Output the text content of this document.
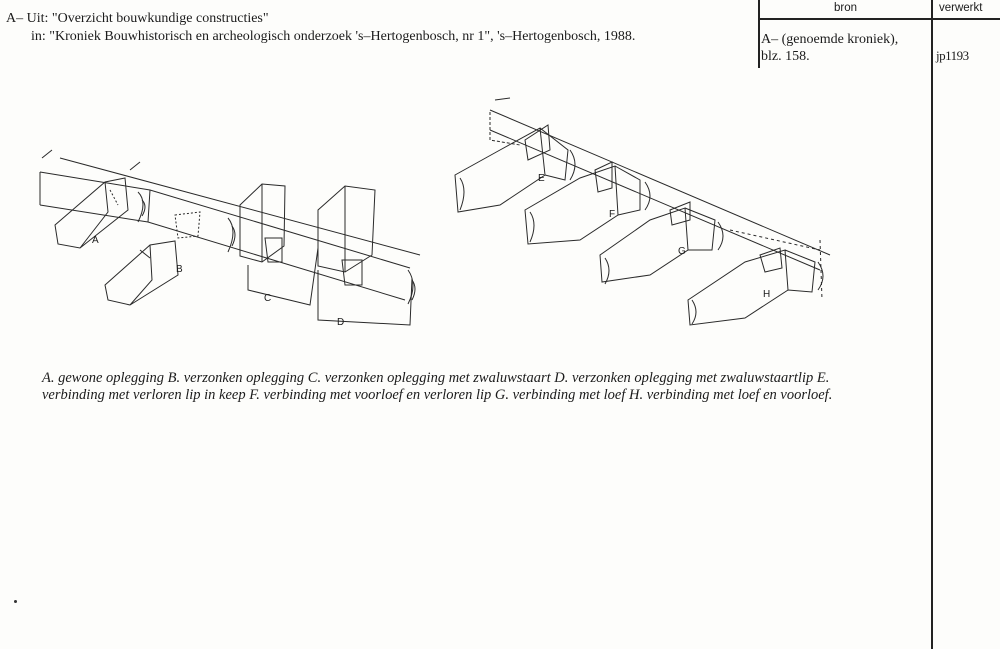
A– Uit: "Overzicht bouwkundige constructies"
in: "Kroniek Bouwhistorisch en archeologisch onderzoek 's–Hertogenbosch, nr 1", 's–Hertogenbosch, 1988.
bron	verwerkt
A– (genoemde kroniek),
blz. 158.	jp1193
A
B
C
D
E
F
G
H
A. gewone oplegging B. verzonken oplegging C. verzonken oplegging met zwaluwstaart D. verzonken oplegging met zwaluwstaartlip E. verbinding met verloren lip in keep F. verbinding met voorloef en verloren lip G. verbinding met loef H. verbinding met loef en voorloef.
